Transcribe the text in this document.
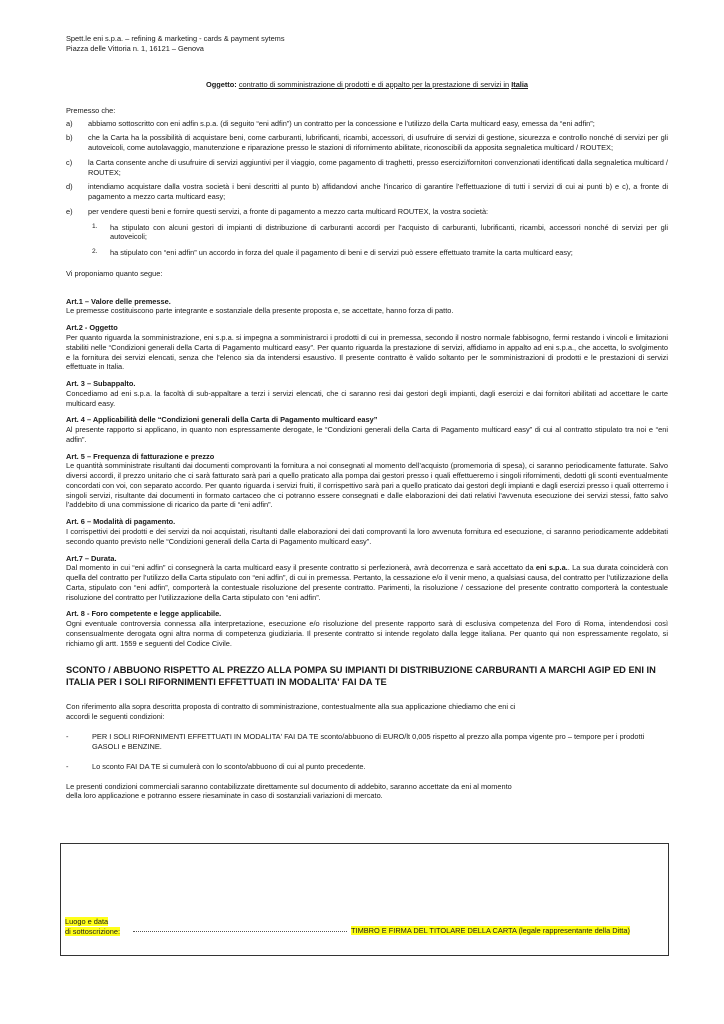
Spett.le eni s.p.a. – refining & marketing - cards & payment sytems
Piazza delle Vittoria n. 1, 16121 – Genova
Oggetto: contratto di somministrazione di prodotti e di appalto per la prestazione di servizi in Italia
Premesso che:
a)	abbiamo sottoscritto con eni adfin s.p.a. (di seguito “eni adfin”) un contratto per la concessione e l’utilizzo della Carta multicard easy, emessa da “eni adfin”;
b)	che la Carta ha la possibilità di acquistare beni, come carburanti, lubrificanti, ricambi, accessori, di usufruire di servizi di gestione, sicurezza e controllo nonché di servizi per gli autoveicoli, come autolavaggio, manutenzione e riparazione presso le stazioni di rifornimento abilitate, riconoscibili da apposita segnaletica multicard / ROUTEX;
c)	la Carta consente anche di usufruire di servizi aggiuntivi per il viaggio, come pagamento di traghetti, presso esercizi/fornitori convenzionati identificati dalla segnaletica multicard / ROUTEX;
d)	intendiamo acquistare dalla vostra società i beni descritti al punto b) affidandovi anche l’incarico di garantire l’effettuazione di tutti i servizi di cui ai punti b) e c), a fronte di pagamento a mezzo carta multicard easy;
e)	per vendere questi beni e fornire questi servizi, a fronte di pagamento a mezzo carta multicard ROUTEX, la vostra società:
1.	ha stipulato con alcuni gestori di impianti di distribuzione di carburanti accordi per l’acquisto di carburanti, lubrificanti, ricambi, accessori nonché di servizi per gli autoveicoli;
2.	ha stipulato con “eni adfin” un accordo in forza del quale il pagamento di beni e di servizi può essere effettuato tramite la carta multicard easy;
Vi proponiamo quanto segue:
Art.1 – Valore delle premesse.
Le premesse costituiscono parte integrante e sostanziale della presente proposta e, se accettate, hanno forza di patto.
Art.2 - Oggetto
Per quanto riguarda la somministrazione, eni s.p.a. si impegna a somministrarci i prodotti di cui in premessa, secondo il nostro normale fabbisogno, fermi restando i vincoli e limitazioni stabiliti nelle “Condizioni generali della Carta di Pagamento multicard easy”. Per quanto riguarda la prestazione di servizi, affidiamo in appalto ad eni s.p.a., che accetta, lo svolgimento e la fornitura dei servizi elencati, senza che l’elenco sia da intendersi esaustivo. Il presente contratto è valido soltanto per le somministrazioni di prodotti e le prestazioni di servizi effettuate in Italia.
Art. 3 – Subappalto.
Concediamo ad eni s.p.a. la facoltà di sub-appaltare a terzi i servizi elencati, che ci saranno resi dai gestori degli impianti, dagli esercizi e dai fornitori abilitati ad accettare le carte multicard easy.
Art. 4 – Applicabilità delle “Condizioni generali della Carta di Pagamento multicard easy”
Al presente rapporto si applicano, in quanto non espressamente derogate, le “Condizioni generali della Carta di Pagamento multicard easy” di cui al contratto stipulato tra noi e “eni adfin”.
Art. 5 – Frequenza di fatturazione e prezzo
Le quantità somministrate risultanti dai documenti comprovanti la fornitura a noi consegnati al momento dell’acquisto (promemoria di spesa), ci saranno periodicamente fatturate. Salvo diversi accordi, il prezzo unitario che ci sarà fatturato sarà pari a quello praticato alla pompa dai gestori presso i quali effettueremo i singoli rifornimenti, dedotti gli sconti eventualmente concordati con voi, con separato accordo. Per quanto riguarda i servizi fruiti, il corrispettivo sarà pari a quello praticato dai gestori degli impianti e dagli esercizi presso i quali otterremo i singoli servizi, risultante dai documenti in formato cartaceo che ci potranno essere consegnati e dalle elaborazioni dei dati relativi l’avvenuta esecuzione dei servizi stessi, fatto salvo l’addebito di una commissione di ricarico da parte di “eni adfin”.
Art. 6 – Modalità di pagamento.
I corrispettivi dei prodotti e dei servizi da noi acquistati, risultanti dalle elaborazioni dei dati comprovanti la loro avvenuta fornitura ed esecuzione, ci saranno periodicamente addebitati secondo quanto previsto nelle “Condizioni generali della Carta di Pagamento multicard easy”.
Art.7 – Durata.
Dal momento in cui “eni adfin” ci consegnerà la carta multicard easy il presente contratto si perfezionerà, avrà decorrenza e sarà accettato da eni s.p.a.. La sua durata coinciderà con quella del contratto per l’utilizzo della Carta stipulato con “eni adfin”, di cui in premessa. Pertanto, la cessazione e/o il venir meno, a qualsiasi causa, del contratto per l’utilizzazione della Carta, stipulato con “eni adfin”, comporterà la contestuale risoluzione del presente contratto. Parimenti, la risoluzione / cessazione del presente contratto comporterà la contestuale risoluzione del contratto per l’utilizzazione della Carta stipulato con “eni adfin”.
Art. 8 - Foro competente e legge applicabile.
Ogni eventuale controversia connessa alla interpretazione, esecuzione e/o risoluzione del presente rapporto sarà di esclusiva competenza del Foro di Roma, intendendosi così consensualmente derogata ogni altra norma di competenza giudiziaria. Il presente contratto si intende regolato dalla legge italiana. Per quanto qui non espressamente regolato, si richiamo gli artt. 1559 e seguenti del Codice Civile.
SCONTO / ABBUONO RISPETTO AL PREZZO ALLA POMPA SU IMPIANTI DI DISTRIBUZIONE CARBURANTI A MARCHI AGIP ED ENI IN ITALIA PER I SOLI RIFORNIMENTI EFFETTUATI IN MODALITA' FAI DA TE
Con riferimento alla sopra descritta proposta di contratto di somministrazione, contestualmente alla sua applicazione chiediamo che eni ci
accordi le seguenti condizioni:
-	PER I SOLI RIFORNIMENTI EFFETTUATI IN MODALITA' FAI DA TE sconto/abbuono di EURO/lt 0,005 rispetto al prezzo alla pompa vigente pro – tempore per i prodotti GASOLI e BENZINE.
-	Lo sconto FAI DA TE si cumulerà con lo sconto/abbuono di cui al punto precedente.
Le presenti condizioni commerciali saranno contabilizzate direttamente sul documento di addebito, saranno accettate da eni al momento
della loro applicazione e potranno essere riesaminate in caso di sostanziali variazioni di mercato.
Luogo e data
di sottoscrizione:	TIMBRO E FIRMA DEL TITOLARE DELLA CARTA (legale rappresentante della Ditta)
